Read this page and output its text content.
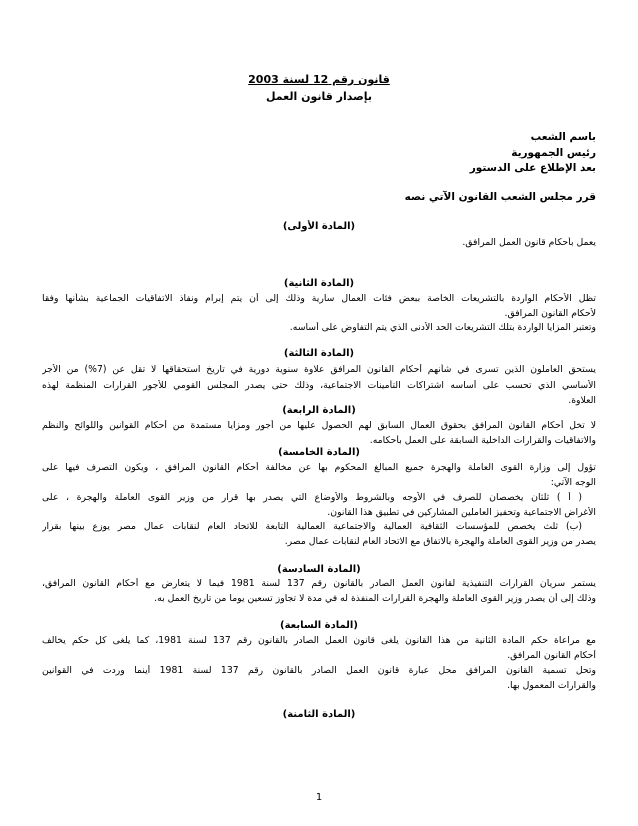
قانون رقم 12 لسنة 2003

بإصدار قانون العمل

باسم الشعب

رئيس الجمهورية

بعد الإطلاع على الدستور

قرر مجلس الشعب القانون الآتي نصه

(المادة الأولى)

يعمل بأحكام قانون العمل المرافق.

(المادة الثانية)

تظل الأحكام الواردة بالتشريعات الخاصة ببعض فئات العمال سارية وذلك إلى أن يتم إبرام ونفاذ الاتفاقيات الجماعية بشأنها وفقا

لأحكام القانون المرافق.

وتعتبر المزايا الواردة بتلك التشريعات الحد الأدنى الذي يتم التفاوض على أساسه.

(المادة الثالثة)

يستحق العاملون الذين تسرى في شأنهم أحكام القانون المرافق علاوة سنوية دورية في تاريخ استحقاقها لا تقل عن (7%) من الأجر

الأساسي الذي تحسب على أساسه اشتراكات التأمينات الاجتماعية، وذلك حتى يصدر المجلس القومي للأجور القرارات المنظمة لهذه

العلاوة.

(المادة الرابعة)

لا تخل أحكام القانون المرافق بحقوق العمال السابق لهم الحصول عليها من أجور ومزايا مستمدة من أحكام القوانين واللوائح والنظم

والاتفاقيات والقرارات الداخلية السابقة على العمل بأحكامه.

(المادة الخامسة)

تؤول إلى وزارة القوى العاملة والهجرة جميع المبالغ المحكوم بها عن مخالفة أحكام القانون المرافق ، ويكون التصرف فيها على

الوجه الآتي:

( أ ) ثلثان يخصصان للصرف في الأوجه وبالشروط والأوضاع التي يصدر بها قرار من وزير القوى العاملة والهجرة ، على

الأغراض الاجتماعية وتحفيز العاملين المشاركين في تطبيق هذا القانون.

(ب) ثلث يخصص للمؤسسات الثقافية العمالية والاجتماعية العمالية التابعة للاتحاد العام لنقابات عمال مصر يوزع بينها بقرار

يصدر من وزير القوى العاملة والهجرة بالاتفاق مع الاتحاد العام لنقابات عمال مصر.

(المادة السادسة)

يستمر سريان القرارات التنفيذية لقانون العمل الصادر بالقانون رقم 137 لسنة 1981 فيما لا يتعارض مع أحكام القانون المرافق،

وذلك إلى أن يصدر وزير القوى العاملة والهجرة القرارات المنفذة له في مدة لا تجاوز تسعين يوما من تاريخ العمل به.

(المادة السابعة)

مع مراعاة حكم المادة الثانية من هذا القانون يلغى قانون العمل الصادر بالقانون رقم 137 لسنة 1981، كما يلغى كل حكم يخالف

أحكام القانون المرافق.

وتحل تسمية القانون المرافق محل عبارة قانون العمل الصادر بالقانون رقم 137 لسنة 1981 أينما وردت في القوانين

والقرارات المعمول بها.

(المادة الثامنة)

1
